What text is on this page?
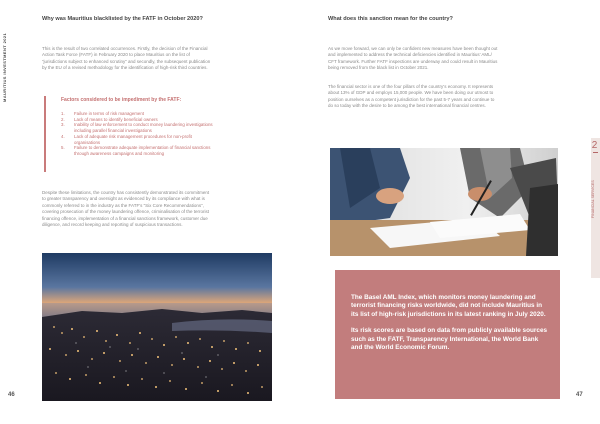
MAURITIUS INVESTMENT 2021
Why was Mauritius blacklisted by the FATF in October 2020?
This is the result of two correlated occurrences. Firstly, the decision of the Financial
Action Task Force (FATF) in February 2020 to place Mauritius on the list of
“jurisdictions subject to enhanced scrutiny” and secondly, the subsequent publication
by the EU of a revised methodology for the identification of high-risk third countries.
Factors considered to be impediment by the FATF:
1. Failure in terms of risk management
2. Lack of means to identify beneficial owners
3. Inability of law enforcement to conduct money laundering investigations
including parallel financial investigations
4. Lack of adequate risk management procedures for non-profit
organisations
5. Failure to demonstrate adequate implementation of financial sanctions
through awareness campaigns and monitoring
Despite these limitations, the country has consistently demonstrated its commitment
to greater transparency and oversight as evidenced by its compliance with what is
commonly referred to in the industry as the FATF’s “Six Core Recommendations”,
covering prosecution of the money laundering offence, criminalisation of the terrorist
financing offence, implementation of a financial sanctions framework, customer due
diligence, and record keeping and reporting of suspicious transactions.
46
What does this sanction mean for the country?
As we move forward, we can only be confident new measures have been thought out
and implemented to address the technical deficiencies identified in Mauritius’ AML/
CFT framework. Further FATF inspections are underway and could result in Mauritius
being removed from the black list in October 2021.
The financial sector is one of the four pillars of the country’s economy. It represents
about 13% of GDP and employs 15,000 people. We have been doing our utmost to
position ourselves as a competent jurisdiction for the past 5-7 years and continue to
do so today with the desire to be among the best international financial centres.

The Basel AML Index, which monitors money laundering and terrorist financing risks worldwide, did not include Mauritius in its list of high-risk jurisdictions in its latest ranking in July 2020.

Its risk scores are based on data from publicly available sources such as the FATF, Transparency International, the World Bank and the World Economic Forum.

2
FINANCIAL SERVICES
47
